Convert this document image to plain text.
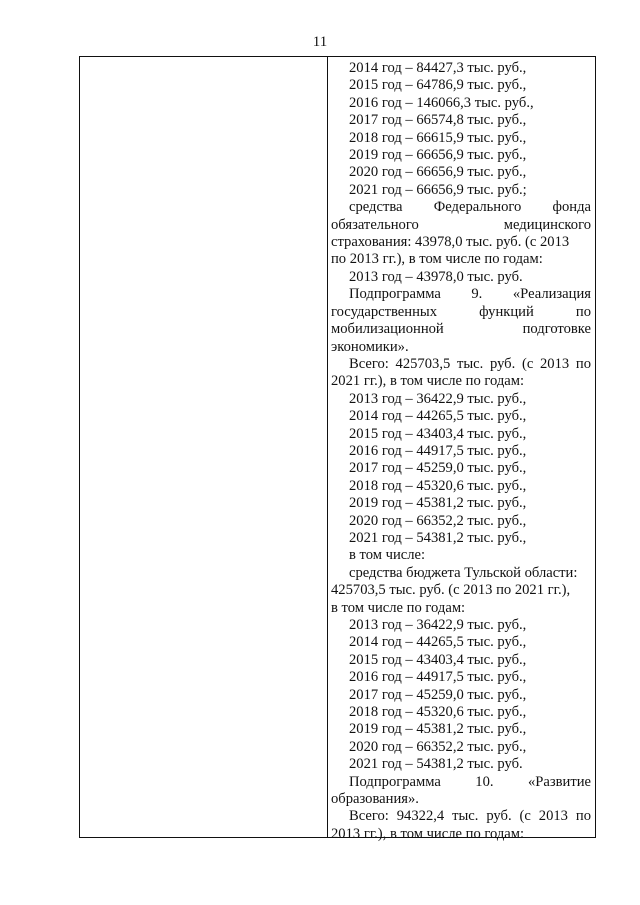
11
2014 год – 84427,3 тыс. руб.,
2015 год – 64786,9 тыс. руб.,
2016 год – 146066,3 тыс. руб.,
2017 год – 66574,8 тыс. руб.,
2018 год – 66615,9 тыс. руб.,
2019 год – 66656,9 тыс. руб.,
2020 год – 66656,9 тыс. руб.,
2021 год – 66656,9 тыс. руб.;
средства Федерального фонда
обязательного медицинского
страхования: 43978,0 тыс. руб. (с 2013
по 2013 гг.), в том числе по годам:
2013 год – 43978,0 тыс. руб.
Подпрограмма 9. «Реализация
государственных функций по
мобилизационной подготовке
экономики».
Всего: 425703,5 тыс. руб. (с 2013 по
2021 гг.), в том числе по годам:
2013 год – 36422,9 тыс. руб.,
2014 год – 44265,5 тыс. руб.,
2015 год – 43403,4 тыс. руб.,
2016 год – 44917,5 тыс. руб.,
2017 год – 45259,0 тыс. руб.,
2018 год – 45320,6 тыс. руб.,
2019 год – 45381,2 тыс. руб.,
2020 год – 66352,2 тыс. руб.,
2021 год – 54381,2 тыс. руб.,
в том числе:
средства бюджета Тульской области:
425703,5 тыс. руб. (с 2013 по 2021 гг.),
в том числе по годам:
2013 год – 36422,9 тыс. руб.,
2014 год – 44265,5 тыс. руб.,
2015 год – 43403,4 тыс. руб.,
2016 год – 44917,5 тыс. руб.,
2017 год – 45259,0 тыс. руб.,
2018 год – 45320,6 тыс. руб.,
2019 год – 45381,2 тыс. руб.,
2020 год – 66352,2 тыс. руб.,
2021 год – 54381,2 тыс. руб.
Подпрограмма 10. «Развитие
образования».
Всего: 94322,4 тыс. руб. (с 2013 по
2013 гг.), в том числе по годам:
